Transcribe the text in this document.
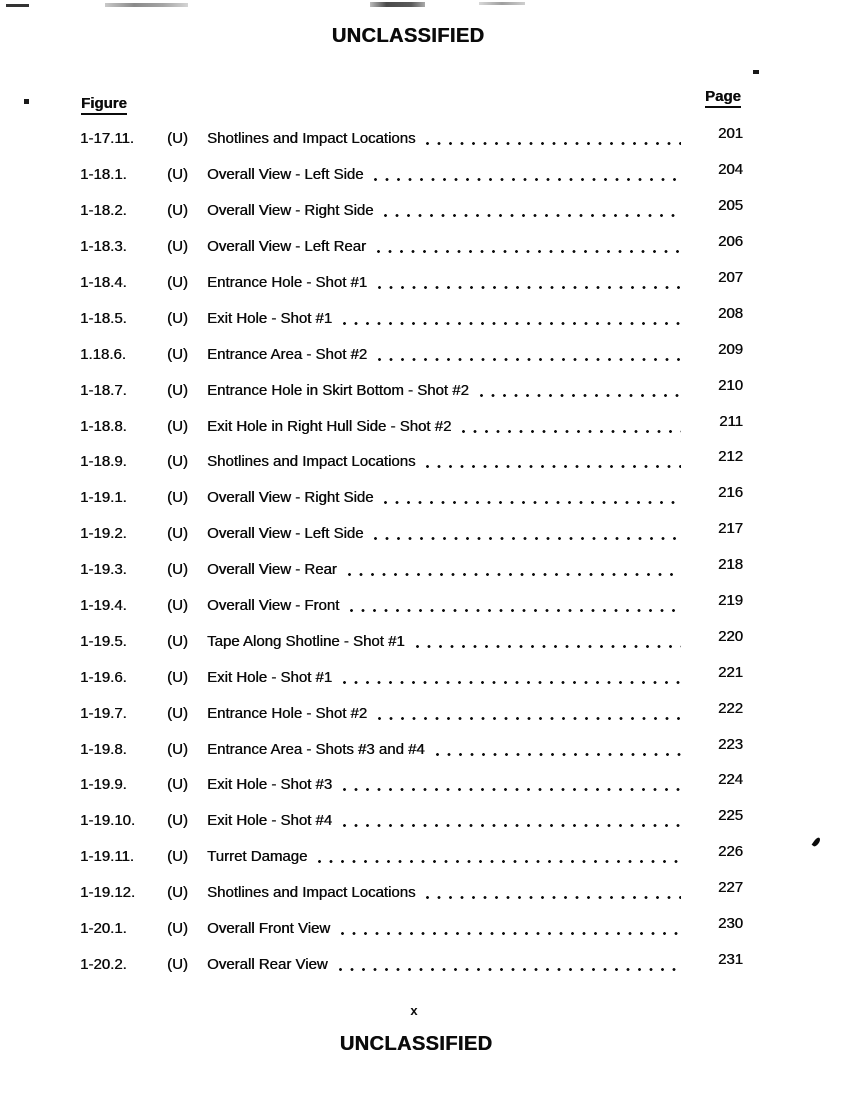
UNCLASSIFIED
Figure	Page
1-17.11.	(U)	Shotlines and Impact Locations	201
1-18.1.	(U)	Overall View - Left Side	204
1-18.2.	(U)	Overall View - Right Side	205
1-18.3.	(U)	Overall View - Left Rear	206
1-18.4.	(U)	Entrance Hole - Shot #1	207
1-18.5.	(U)	Exit Hole - Shot #1	208
1.18.6.	(U)	Entrance Area - Shot #2	209
1-18.7.	(U)	Entrance Hole in Skirt Bottom - Shot #2	210
1-18.8.	(U)	Exit Hole in Right Hull Side - Shot #2	211
1-18.9.	(U)	Shotlines and Impact Locations	212
1-19.1.	(U)	Overall View - Right Side	216
1-19.2.	(U)	Overall View - Left Side	217
1-19.3.	(U)	Overall View - Rear	218
1-19.4.	(U)	Overall View - Front	219
1-19.5.	(U)	Tape Along Shotline - Shot #1	220
1-19.6.	(U)	Exit Hole - Shot #1	221
1-19.7.	(U)	Entrance Hole - Shot #2	222
1-19.8.	(U)	Entrance Area - Shots #3 and #4	223
1-19.9.	(U)	Exit Hole - Shot #3	224
1-19.10.	(U)	Exit Hole - Shot #4	225
1-19.11.	(U)	Turret Damage	226
1-19.12.	(U)	Shotlines and Impact Locations	227
1-20.1.	(U)	Overall Front View	230
1-20.2.	(U)	Overall Rear View	231
x
UNCLASSIFIED
